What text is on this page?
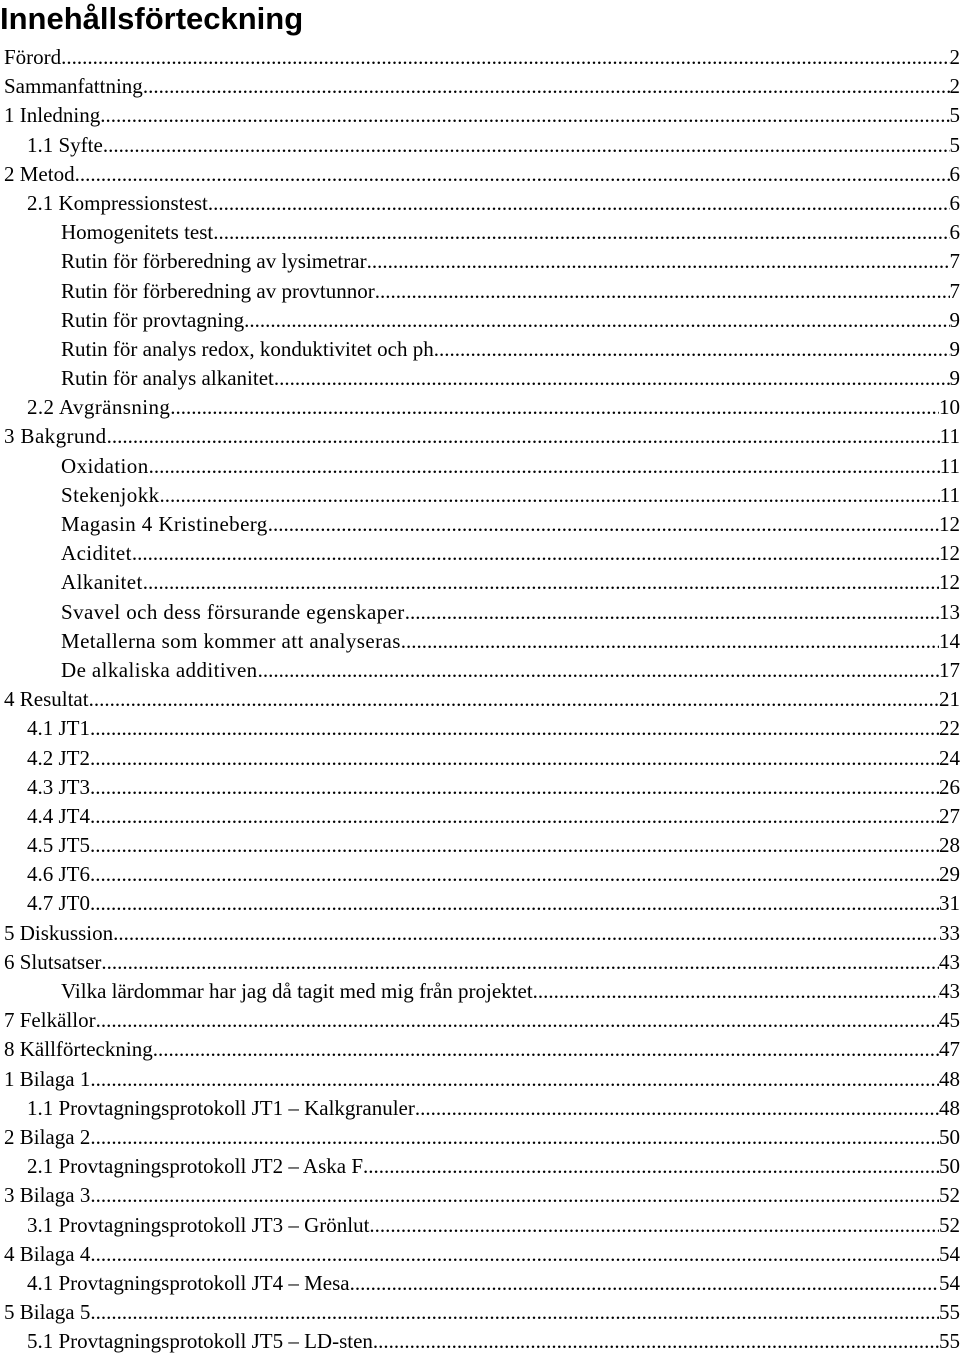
Innehållsförteckning
Förord .....	2
Sammanfattning .....	2
1 Inledning .....	5
1.1 Syfte .....	5
2 Metod .....	6
2.1 Kompressionstest .....	6
Homogenitets test .....	6
Rutin för förberedning av lysimetrar .....	7
Rutin för förberedning av provtunnor .....	7
Rutin för provtagning .....	9
Rutin för analys redox, konduktivitet och ph .....	9
Rutin för analys alkanitet .....	9
2.2 Avgränsning .....	10
3 Bakgrund .....	11
Oxidation .....	11
Stekenjokk .....	11
Magasin 4 Kristineberg .....	12
Aciditet .....	12
Alkanitet .....	12
Svavel och dess försurande egenskaper .....	13
Metallerna som kommer att analyseras .....	14
De alkaliska additiven .....	17
4 Resultat .....	21
4.1 JT1 .....	22
4.2 JT2 .....	24
4.3 JT3 .....	26
4.4 JT4 .....	27
4.5 JT5 .....	28
4.6 JT6 .....	29
4.7 JT0 .....	31
5 Diskussion .....	33
6 Slutsatser .....	43
Vilka lärdommar har jag då tagit med mig från projektet .....	43
7 Felkällor .....	45
8 Källförteckning .....	47
1 Bilaga 1 .....	48
1.1 Provtagningsprotokoll JT1 – Kalkgranuler .....	48
2 Bilaga 2 .....	50
2.1 Provtagningsprotokoll JT2 – Aska F .....	50
3 Bilaga 3 .....	52
3.1 Provtagningsprotokoll JT3 – Grönlut .....	52
4 Bilaga 4 .....	54
4.1 Provtagningsprotokoll JT4 – Mesa .....	54
5 Bilaga 5 .....	55
5.1 Provtagningsprotokoll JT5 – LD-sten .....	55
